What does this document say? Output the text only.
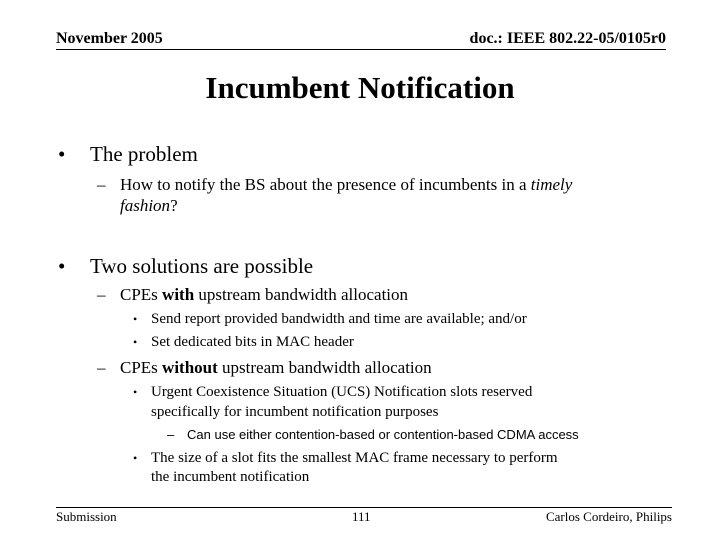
November 2005	doc.: IEEE 802.22-05/0105r0
Incumbent Notification
• The problem
– How to notify the BS about the presence of incumbents in a timely
fashion?
• Two solutions are possible
– CPEs with upstream bandwidth allocation
• Send report provided bandwidth and time are available; and/or
• Set dedicated bits in MAC header
– CPEs without upstream bandwidth allocation
• Urgent Coexistence Situation (UCS) Notification slots reserved
specifically for incumbent notification purposes
– Can use either contention-based or contention-based CDMA access
• The size of a slot fits the smallest MAC frame necessary to perform
the incumbent notification
Submission	111	Carlos Cordeiro, Philips
